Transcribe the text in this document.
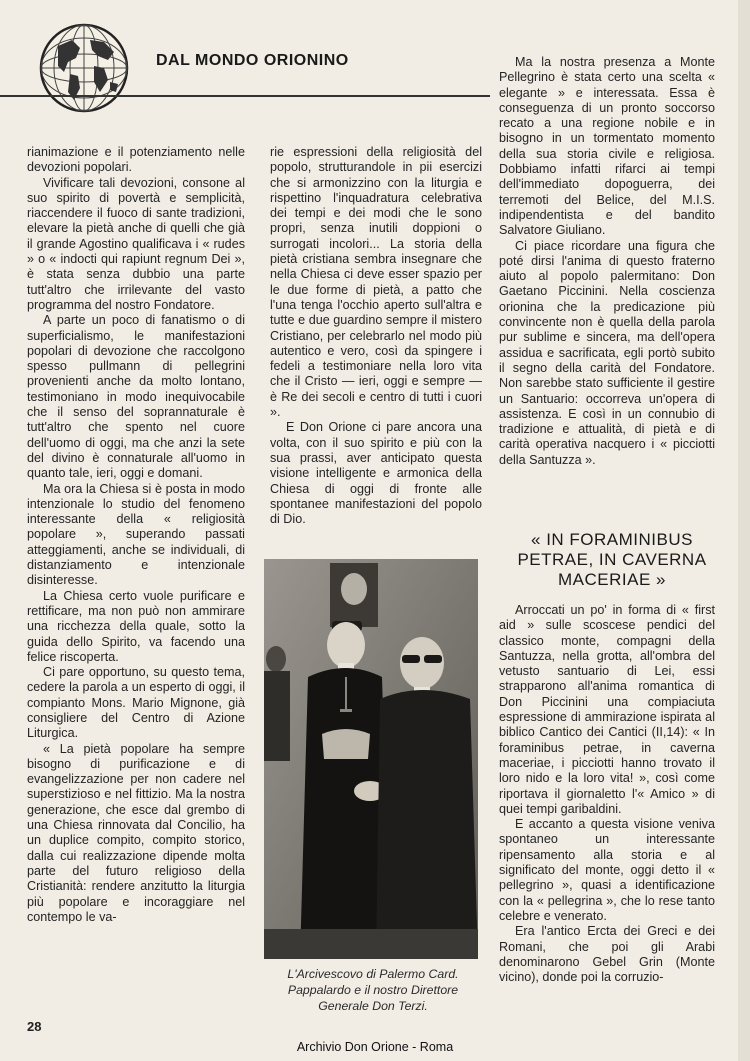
DAL MONDO ORIONINO

rianimazione e il potenziamento nelle devozioni popolari.

Vivificare tali devozioni, consone al suo spirito di povertà e semplicità, riaccendere il fuoco di sante tradizioni, elevare la pietà anche di quelli che già il grande Agostino qualificava i « rudes » o « indocti qui rapiunt regnum Dei », è stata senza dubbio una parte tutt'altro che irrilevante del vasto programma del nostro Fondatore.

A parte un poco di fanatismo o di superficialismo, le manifestazioni popolari di devozione che raccolgono spesso pullmann di pellegrini provenienti anche da molto lontano, testimoniano in modo inequivocabile che il senso del soprannaturale è tutt'altro che spento nel cuore dell'uomo di oggi, ma che anzi la sete del divino è connaturale all'uomo in quanto tale, ieri, oggi e domani.

Ma ora la Chiesa si è posta in modo intenzionale lo studio del fenomeno interessante della « religiosità popolare », superando passati atteggiamenti, anche se individuali, di distanziamento e intenzionale disinteresse.

La Chiesa certo vuole purificare e rettificare, ma non può non ammirare una ricchezza della quale, sotto la guida dello Spirito, va facendo una felice riscoperta.

Ci pare opportuno, su questo tema, cedere la parola a un esperto di oggi, il compianto Mons. Mario Mignone, già consigliere del Centro di Azione Liturgica.

« La pietà popolare ha sempre bisogno di purificazione e di evangelizzazione per non cadere nel superstizioso e nel fittizio. Ma la nostra generazione, che esce dal grembo di una Chiesa rinnovata dal Concilio, ha un duplice compito, compito storico, dalla cui realizzazione dipende molta parte del futuro religioso della Cristianità: rendere anzitutto la liturgia più popolare e incoraggiare nel contempo le va-

rie espressioni della religiosità del popolo, strutturandole in pii esercizi che si armonizzino con la liturgia e rispettino l'inquadratura celebrativa dei tempi e dei modi che le sono propri, senza inutili doppioni o surrogati incolori... La storia della pietà cristiana sembra insegnare che nella Chiesa ci deve esser spazio per le due forme di pietà, a patto che l'una tenga l'occhio aperto sull'altra e tutte e due guardino sempre il mistero Cristiano, per celebrarlo nel modo più autentico e vero, così da spingere i fedeli a testimoniare nella loro vita che il Cristo — ieri, oggi e sempre — è Re dei secoli e centro di tutti i cuori ».

E Don Orione ci pare ancora una volta, con il suo spirito e più con la sua prassi, aver anticipato questa visione intelligente e armonica della Chiesa di oggi di fronte alle spontanee manifestazioni del popolo di Dio.

Ma la nostra presenza a Monte Pellegrino è stata certo una scelta « elegante » e interessata. Essa è conseguenza di un pronto soccorso recato a una regione nobile e in bisogno in un tormentato momento della sua storia civile e religiosa. Dobbiamo infatti rifarci ai tempi dell'immediato dopoguerra, dei terremoti del Belice, del M.I.S. indipendentista e del bandito Salvatore Giuliano.

Ci piace ricordare una figura che poté dirsi l'anima di questo fraterno aiuto al popolo palermitano: Don Gaetano Piccinini. Nella coscienza orionina che la predicazione più convincente non è quella della parola pur sublime e sincera, ma dell'opera assidua e sacrificata, egli portò subito il segno della carità del Fondatore. Non sarebbe stato sufficiente il gestire un Santuario: occorreva un'opera di assistenza. E così in un connubio di tradizione e attualità, di pietà e di carità operativa nacquero i « picciotti della Santuzza ».

« IN FORAMINIBUS PETRAE, IN CAVERNA MACERIAE »

Arroccati un po' in forma di « first aid » sulle scoscese pendici del classico monte, compagni della Santuzza, nella grotta, all'ombra del vetusto santuario di Lei, essi strapparono all'anima romantica di Don Piccinini una compiaciuta espressione di ammirazione ispirata al biblico Cantico dei Cantici (II,14): « In foraminibus petrae, in caverna maceriae, i picciotti hanno trovato il loro nido e la loro vita! », così come riportava il giornaletto l'« Amico » di quei tempi garibaldini.

E accanto a questa visione veniva spontaneo un interessante ripensamento alla storia e al significato del monte, oggi detto il « pellegrino », quasi a identificazione con la « pellegrina », che lo rese tanto celebre e venerato.

Era l'antico Ercta dei Greci e dei Romani, che poi gli Arabi denominarono Gebel Grin (Monte vicino), donde poi la corruzio-

L'Arcivescovo di Palermo Card. Pappalardo e il nostro Direttore Generale Don Terzi.
28
Archivio Don Orione - Roma
